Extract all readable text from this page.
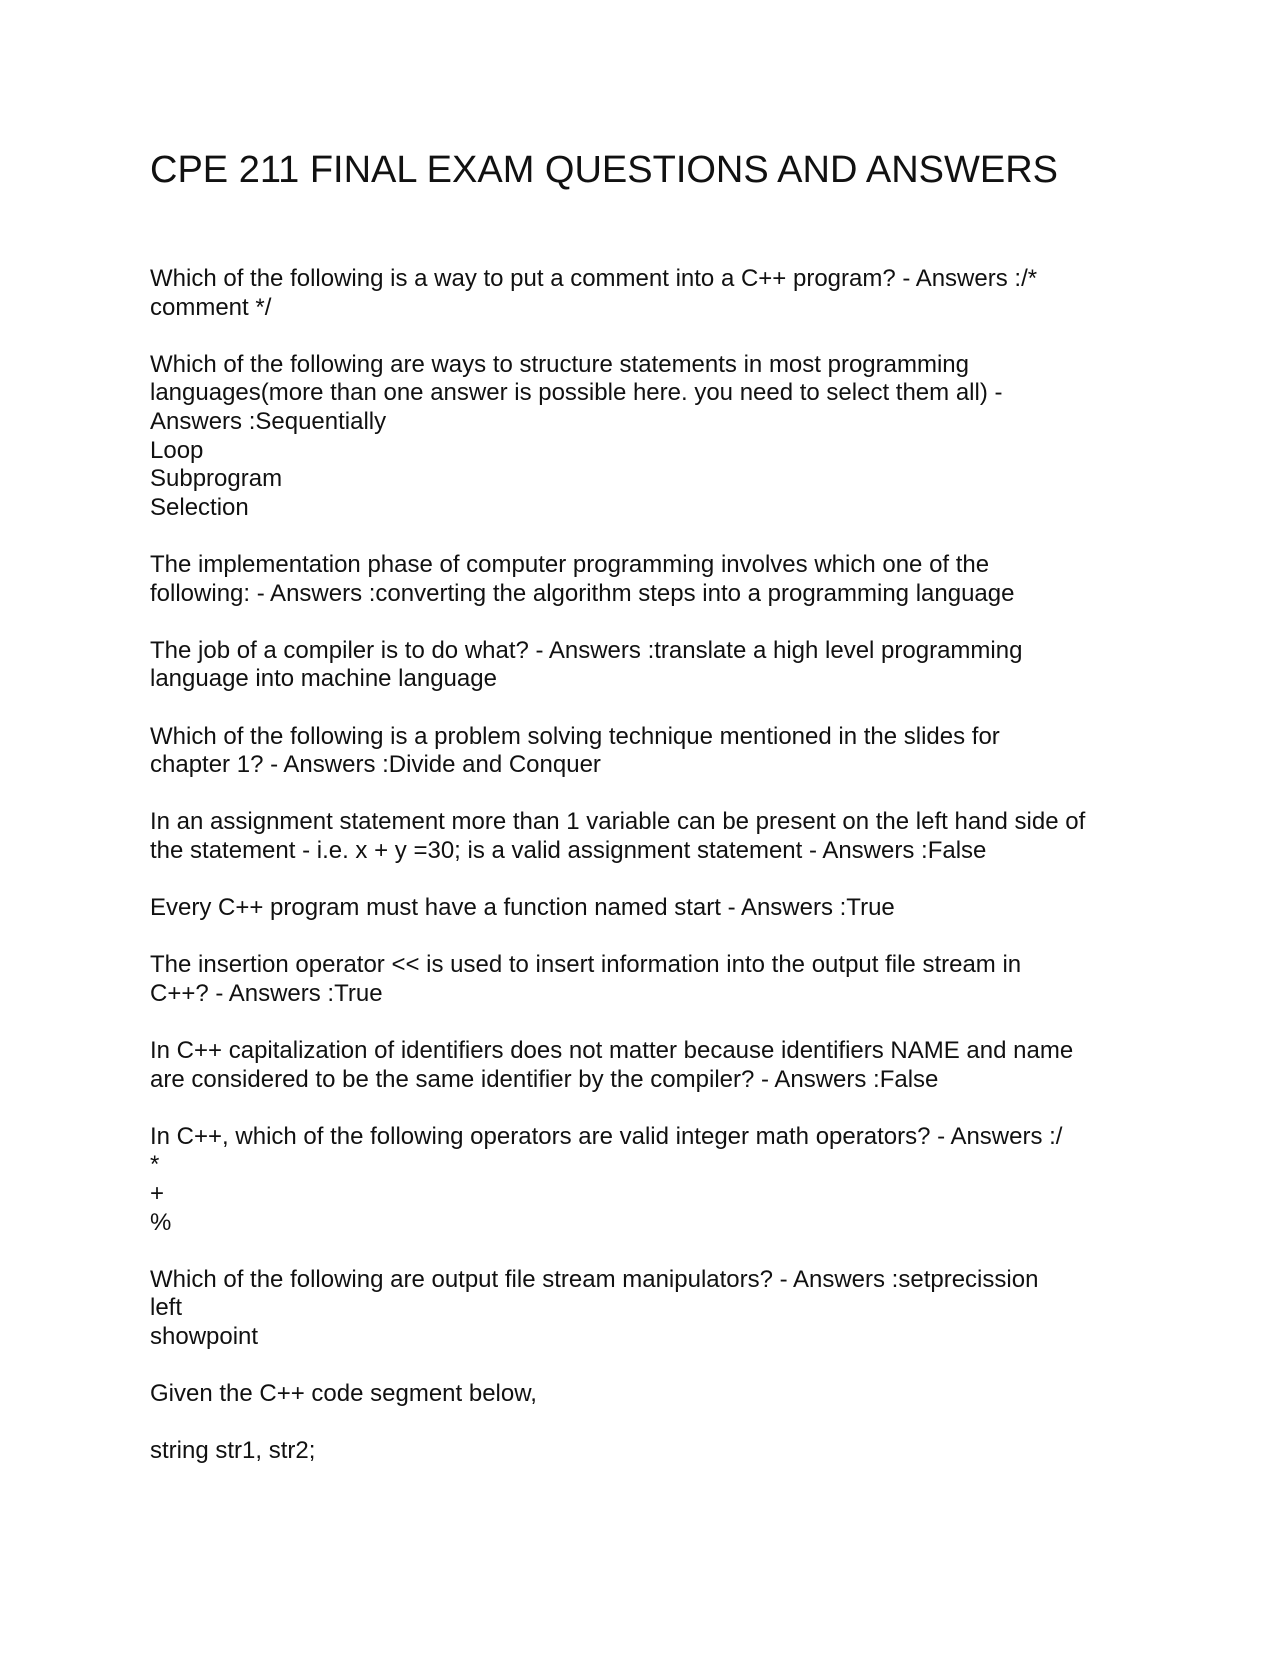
CPE 211 FINAL EXAM QUESTIONS AND ANSWERS
Which of the following is a way to put a comment into a C++ program? - Answers :/*
comment */
Which of the following are ways to structure statements in most programming
languages(more than one answer is possible here. you need to select them all) -
Answers :Sequentially
Loop
Subprogram
Selection
The implementation phase of computer programming involves which one of the
following: - Answers :converting the algorithm steps into a programming language
The job of a compiler is to do what? - Answers :translate a high level programming
language into machine language
Which of the following is a problem solving technique mentioned in the slides for
chapter 1? - Answers :Divide and Conquer
In an assignment statement more than 1 variable can be present on the left hand side of
the statement - i.e. x + y =30; is a valid assignment statement - Answers :False
Every C++ program must have a function named start - Answers :True
The insertion operator << is used to insert information into the output file stream in
C++? - Answers :True
In C++ capitalization of identifiers does not matter because identifiers NAME and name
are considered to be the same identifier by the compiler? - Answers :False
In C++, which of the following operators are valid integer math operators? - Answers :/
*
+
%
Which of the following are output file stream manipulators? - Answers :setprecission
left
showpoint
Given the C++ code segment below,
string str1, str2;
